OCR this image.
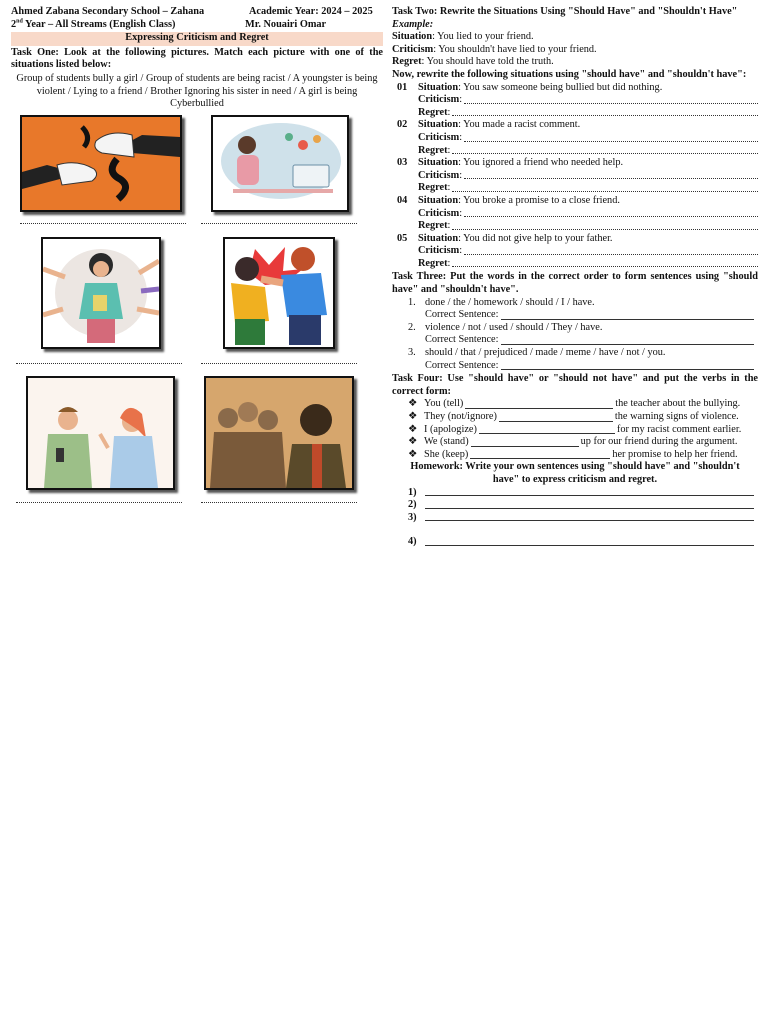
Ahmed Zabana Secondary School – Zahana	Academic Year: 2024 – 2025
2nd Year – All Streams (English Class)	Mr. Nouairi Omar
Expressing Criticism and Regret
Task One: Look at the following pictures. Match each picture with one of the situations listed below:
Group of students bully a girl / Group of students are being racist / A youngster is being violent / Lying to a friend / Brother Ignoring his sister in need / A girl is being Cyberbullied
Task Two: Rewrite the Situations Using "Should Have" and "Shouldn't Have"
Example:
Situation: You lied to your friend.
Criticism: You shouldn't have lied to your friend.
Regret: You should have told the truth.
Now, rewrite the following situations using "should have" and "shouldn't have":
01	Situation: You saw someone being bullied but did nothing.
Criticism :
Regret :
02	Situation: You made a racist comment.
Criticism :
Regret :
03	Situation: You ignored a friend who needed help.
Criticism :
Regret :
04	Situation: You broke a promise to a close friend.
Criticism :
Regret :
05	Situation: You did not give help to your father.
Criticism :
Regret :
Task Three: Put the words in the correct order to form sentences using "should have" and "shouldn't have".
1. done / the / homework / should / I / have.
Correct Sentence:
2. violence / not / used / should / They / have.
Correct Sentence:
3. should / that / prejudiced / made / meme / have / not / you.
Correct Sentence:
Task Four: Use "should have" or "should not have" and put the verbs in the correct form:
❖ You (tell)	the teacher about the bullying.
❖ They (not/ignore)	the warning signs of violence.
❖ I (apologize)	for my racist comment earlier.
❖ We (stand)	up for our friend during the argument.
❖ She (keep)	her promise to help her friend.
Homework: Write your own sentences using "should have" and "shouldn't have" to express criticism and regret.
1)
2)
3)
4)
